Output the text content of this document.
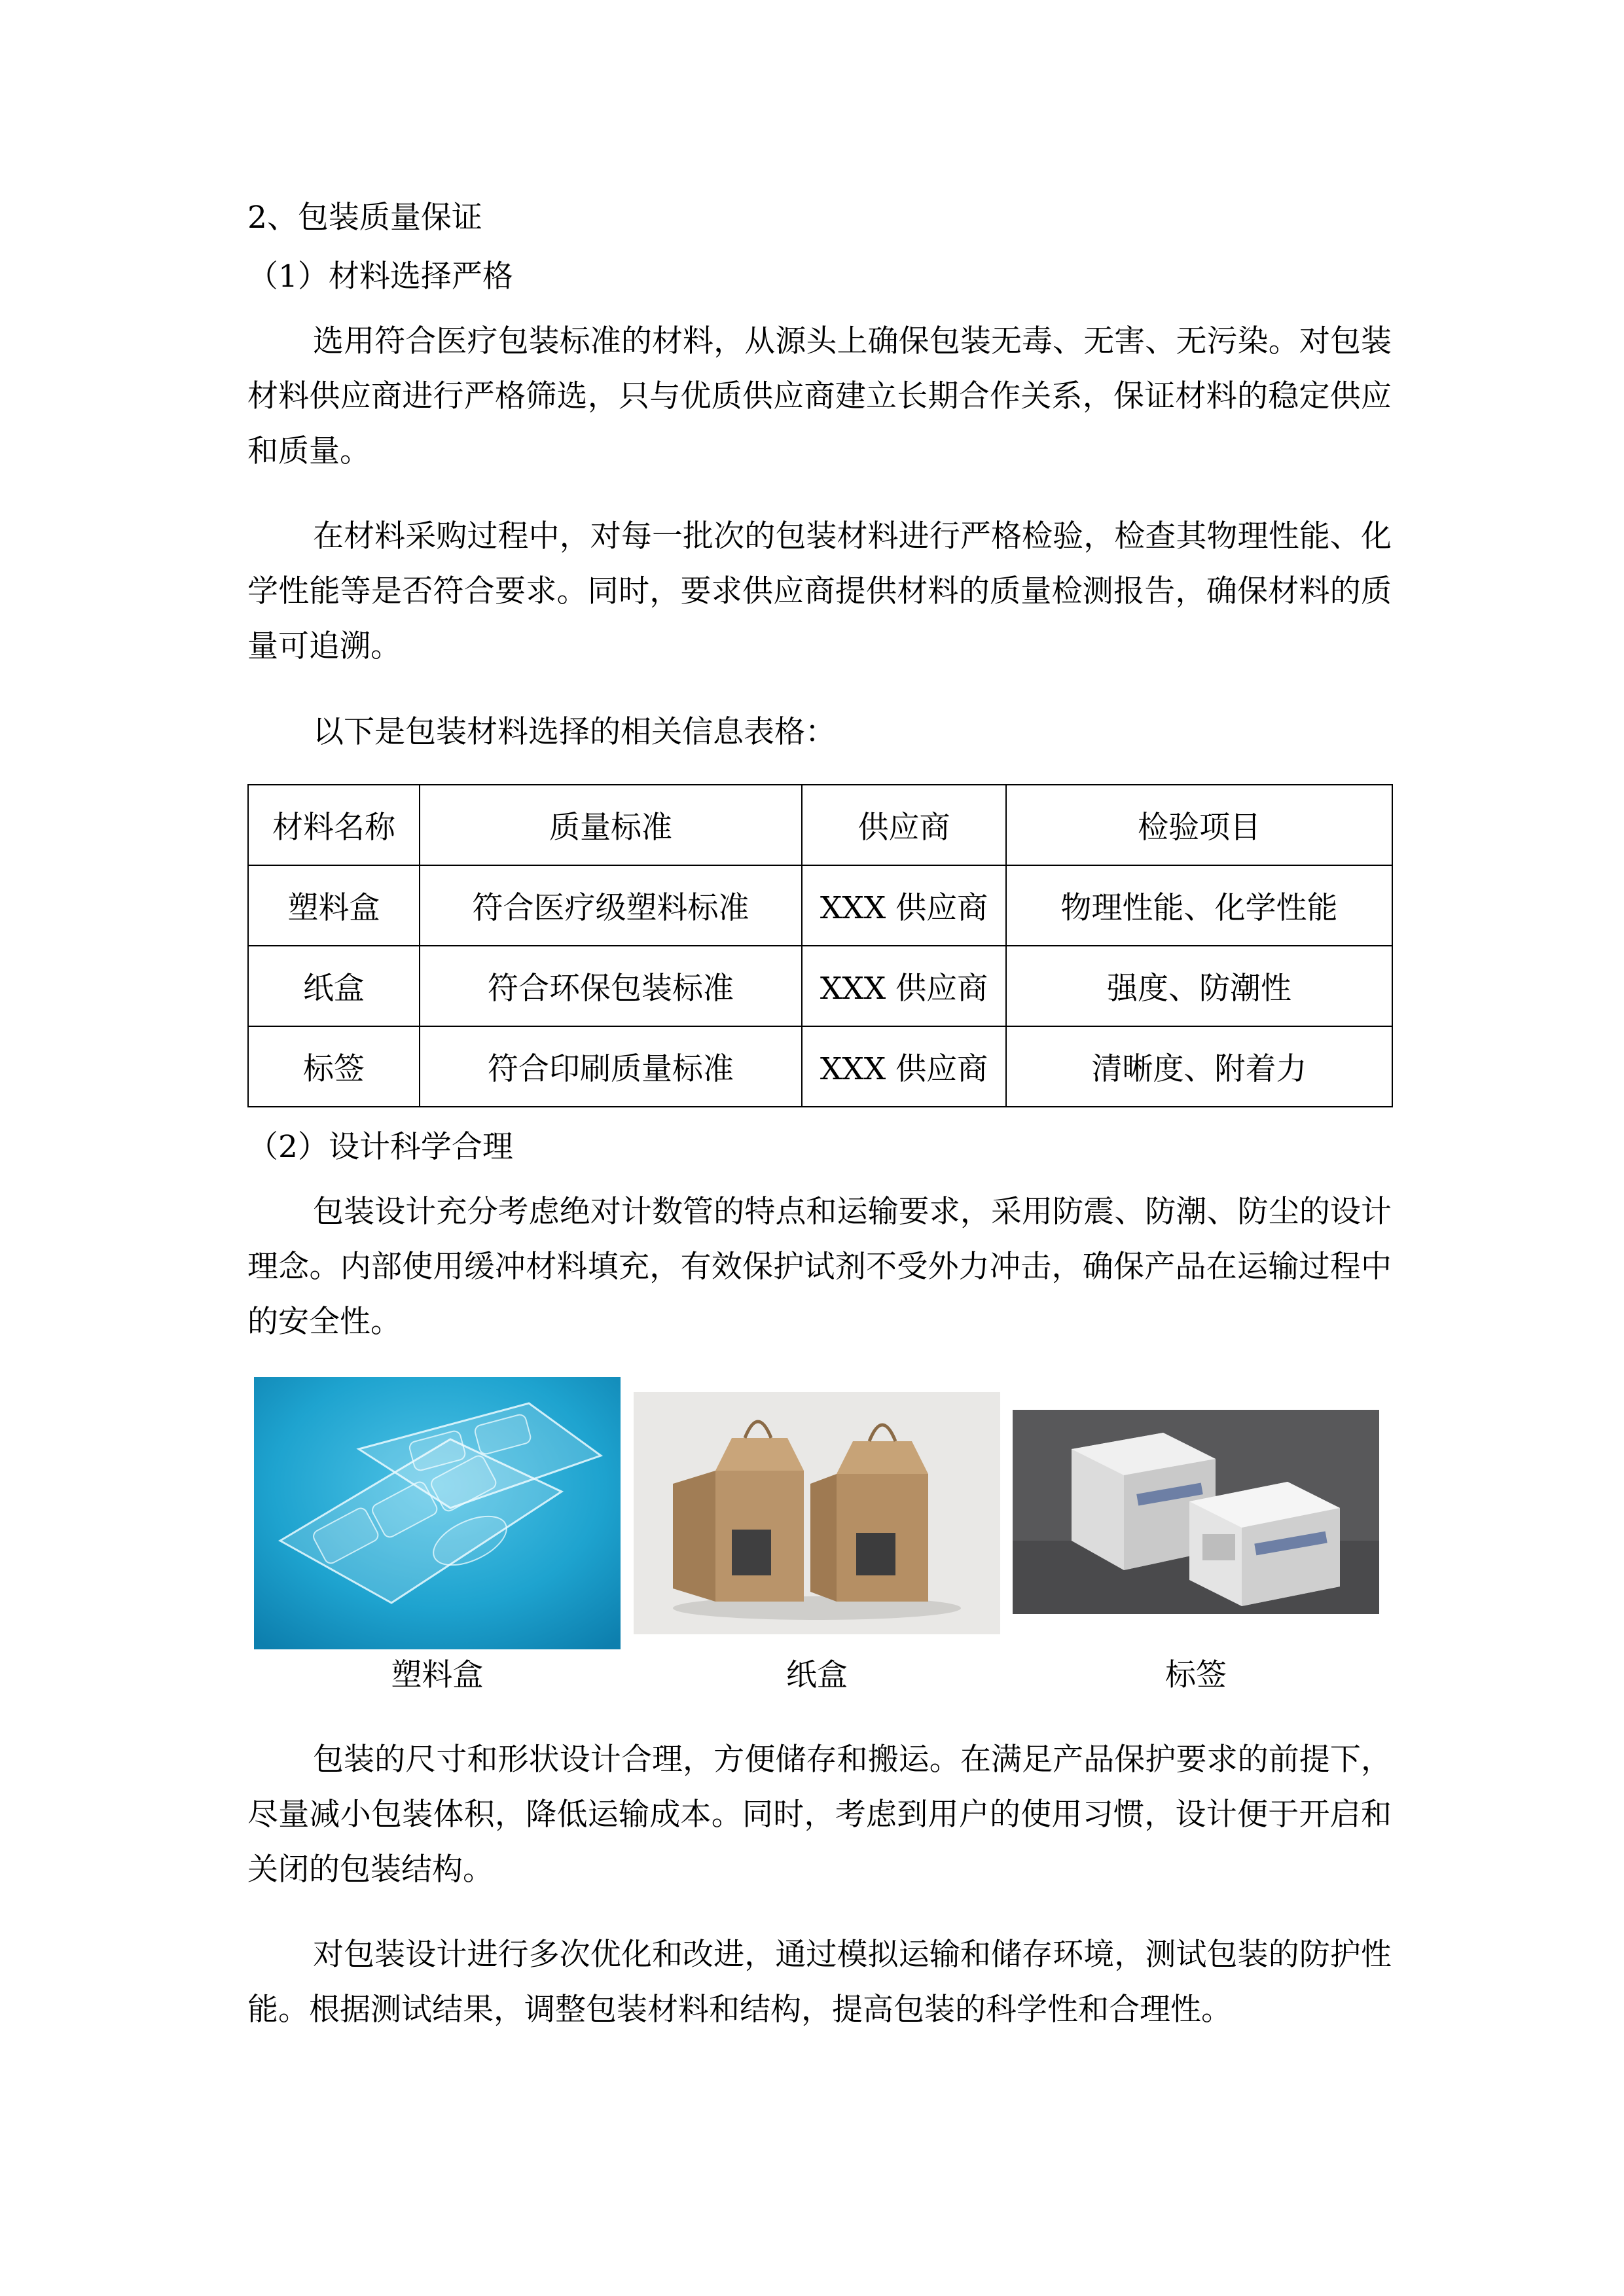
2、包装质量保证
（1）材料选择严格

选用符合医疗包装标准的材料，从源头上确保包装无毒、无害、无污染。对包装材料供应商进行严格筛选，只与优质供应商建立长期合作关系，保证材料的稳定供应和质量。

在材料采购过程中，对每一批次的包装材料进行严格检验，检查其物理性能、化学性能等是否符合要求。同时，要求供应商提供材料的质量检测报告，确保材料的质量可追溯。

以下是包装材料选择的相关信息表格：

材料名称	质量标准	供应商	检验项目
塑料盒	符合医疗级塑料标准	XXX 供应商	物理性能、化学性能
纸盒	符合环保包装标准	XXX 供应商	强度、防潮性
标签	符合印刷质量标准	XXX 供应商	清晰度、附着力
（2）设计科学合理

包装设计充分考虑绝对计数管的特点和运输要求，采用防震、防潮、防尘的设计理念。内部使用缓冲材料填充，有效保护试剂不受外力冲击，确保产品在运输过程中的安全性。

塑料盒	纸盒	标签

包装的尺寸和形状设计合理，方便储存和搬运。在满足产品保护要求的前提下，尽量减小包装体积，降低运输成本。同时，考虑到用户的使用习惯，设计便于开启和关闭的包装结构。

对包装设计进行多次优化和改进，通过模拟运输和储存环境，测试包装的防护性能。根据测试结果，调整包装材料和结构，提高包装的科学性和合理性。
